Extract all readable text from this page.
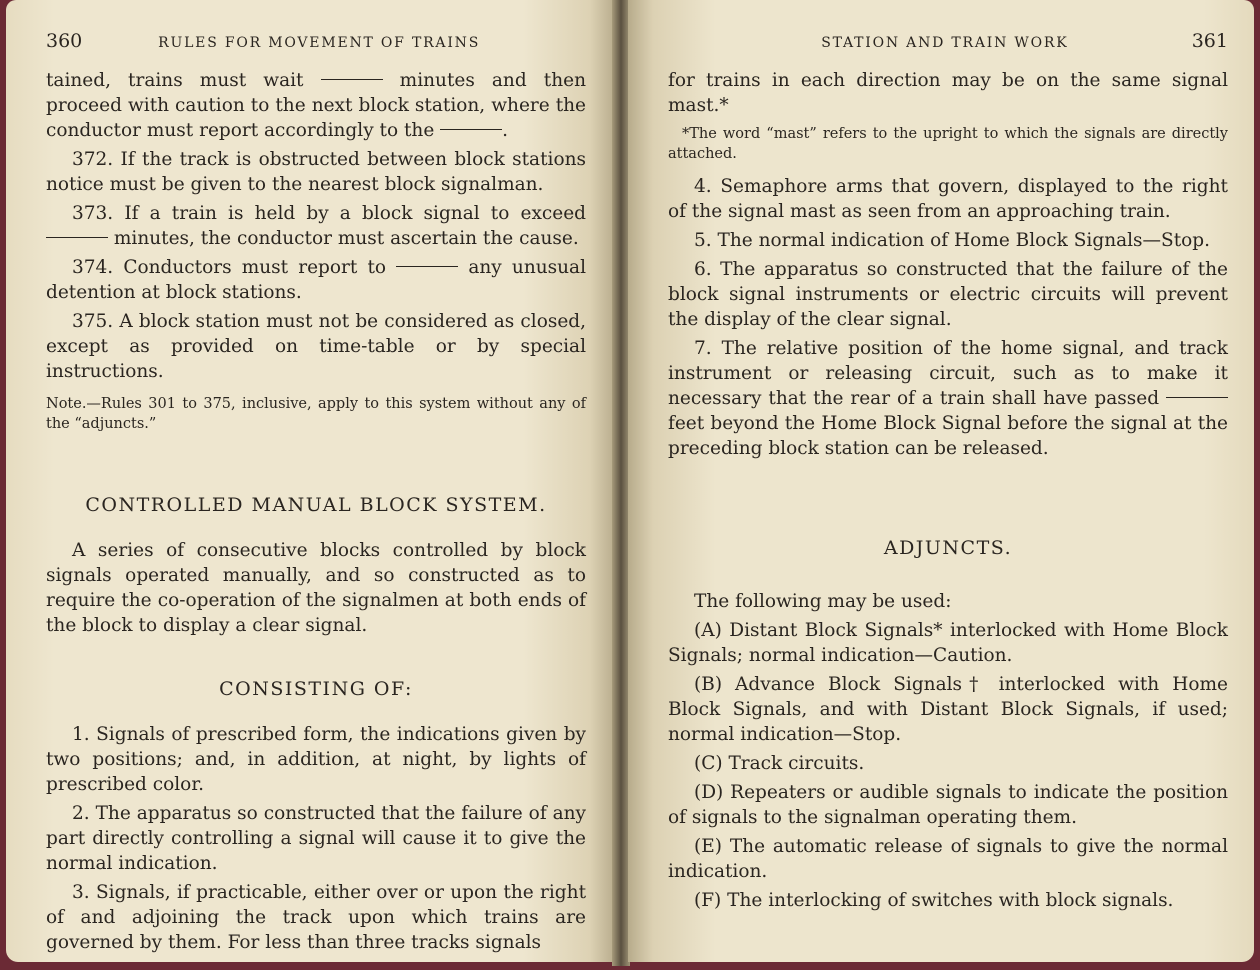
360	RULES FOR MOVEMENT OF TRAINS

tained, trains must wait	minutes and then proceed with caution to the next block station, where the conductor must report accordingly to the	.

372. If the track is obstructed between block stations notice must be given to the nearest block signalman.

373. If a train is held by a block signal to exceed  minutes, the conductor must ascertain the cause.

374. Conductors must report to	any unusual detention at block stations.

375. A block station must not be considered as closed, except as provided on time-table or by special instructions.

Note.—Rules 301 to 375, inclusive, apply to this system without any of the “adjuncts.”

CONTROLLED MANUAL BLOCK SYSTEM.

A series of consecutive blocks controlled by block signals operated manually, and so constructed as to require the co-operation of the signalmen at both ends of the block to display a clear signal.

CONSISTING OF:

1. Signals of prescribed form, the indications given by two positions; and, in addition, at night, by lights of prescribed color.

2. The apparatus so constructed that the failure of any part directly controlling a signal will cause it to give the normal indication.

3. Signals, if practicable, either over or upon the right of and adjoining the track upon which trains are governed by them. For less than three tracks signals

STATION AND TRAIN WORK	361

for trains in each direction may be on the same signal mast.*

*The word “mast” refers to the upright to which the signals are directly attached.

4. Semaphore arms that govern, displayed to the right of the signal mast as seen from an approaching train.

5. The normal indication of Home Block Signals—Stop.

6. The apparatus so constructed that the failure of the block signal instruments or electric circuits will prevent the display of the clear signal.

7. The relative position of the home signal, and track instrument or releasing circuit, such as to make it necessary that the rear of a train shall have passed  feet beyond the Home Block Signal before the signal at the preceding block station can be released.

ADJUNCTS.

The following may be used:

(A) Distant Block Signals* interlocked with Home Block Signals; normal indication—Caution.

(B) Advance Block Signals† interlocked with Home Block Signals, and with Distant Block Signals, if used; normal indication—Stop.

(C) Track circuits.

(D) Repeaters or audible signals to indicate the position of signals to the signalman operating them.

(E) The automatic release of signals to give the normal indication.

(F) The interlocking of switches with block signals.
